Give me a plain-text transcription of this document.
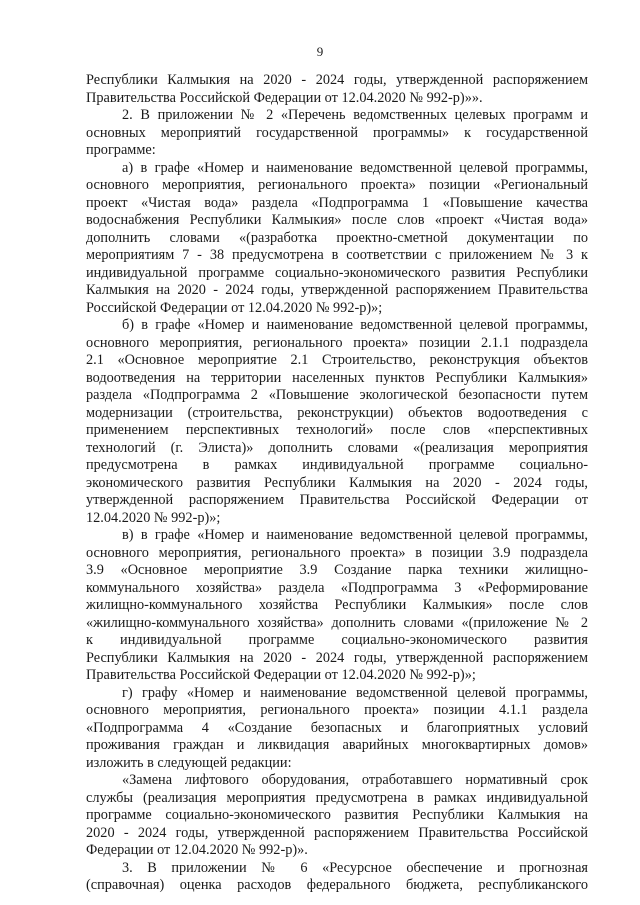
9
Республики Калмыкия на 2020 - 2024 годы, утвержденной распоряжением
Правительства Российской Федерации от 12.04.2020 № 992-р)»».
2. В приложении № 2 «Перечень ведомственных целевых программ и
основных мероприятий государственной программы» к государственной
программе:
а) в графе «Номер и наименование ведомственной целевой программы,
основного мероприятия, регионального проекта» позиции «Региональный
проект «Чистая вода» раздела «Подпрограмма 1 «Повышение качества
водоснабжения Республики Калмыкия» после слов «проект «Чистая вода»
дополнить словами «(разработка проектно-сметной документации по
мероприятиям 7 - 38 предусмотрена в соответствии с приложением № 3 к
индивидуальной программе социально-экономического развития Республики
Калмыкия на 2020 - 2024 годы, утвержденной распоряжением Правительства
Российской Федерации от 12.04.2020 № 992-р)»;
б) в графе «Номер и наименование ведомственной целевой программы,
основного мероприятия, регионального проекта» позиции 2.1.1 подраздела
2.1 «Основное мероприятие 2.1 Строительство, реконструкция объектов
водоотведения на территории населенных пунктов Республики Калмыкия»
раздела «Подпрограмма 2 «Повышение экологической безопасности путем
модернизации (строительства, реконструкции) объектов водоотведения с
применением перспективных технологий» после слов «перспективных
технологий (г. Элиста)» дополнить словами «(реализация мероприятия
предусмотрена в рамках индивидуальной программе социально-
экономического развития Республики Калмыкия на 2020 - 2024 годы,
утвержденной распоряжением Правительства Российской Федерации от
12.04.2020 № 992-р)»;
в) в графе «Номер и наименование ведомственной целевой программы,
основного мероприятия, регионального проекта» в позиции 3.9 подраздела
3.9 «Основное мероприятие 3.9 Создание парка техники жилищно-
коммунального хозяйства» раздела «Подпрограмма 3 «Реформирование
жилищно-коммунального хозяйства Республики Калмыкия» после слов
«жилищно-коммунального хозяйства» дополнить словами «(приложение № 2
к индивидуальной программе социально-экономического развития
Республики Калмыкия на 2020 - 2024 годы, утвержденной распоряжением
Правительства Российской Федерации от 12.04.2020 № 992-р)»;
г) графу «Номер и наименование ведомственной целевой программы,
основного мероприятия, регионального проекта» позиции 4.1.1 раздела
«Подпрограмма 4 «Создание безопасных и благоприятных условий
проживания граждан и ликвидация аварийных многоквартирных домов»
изложить в следующей редакции:
«Замена лифтового оборудования, отработавшего нормативный срок
службы (реализация мероприятия предусмотрена в рамках индивидуальной
программе социально-экономического развития Республики Калмыкия на
2020 - 2024 годы, утвержденной распоряжением Правительства Российской
Федерации от 12.04.2020 № 992-р)».
3. В приложении № 6 «Ресурсное обеспечение и прогнозная
(справочная) оценка расходов федерального бюджета, республиканского
